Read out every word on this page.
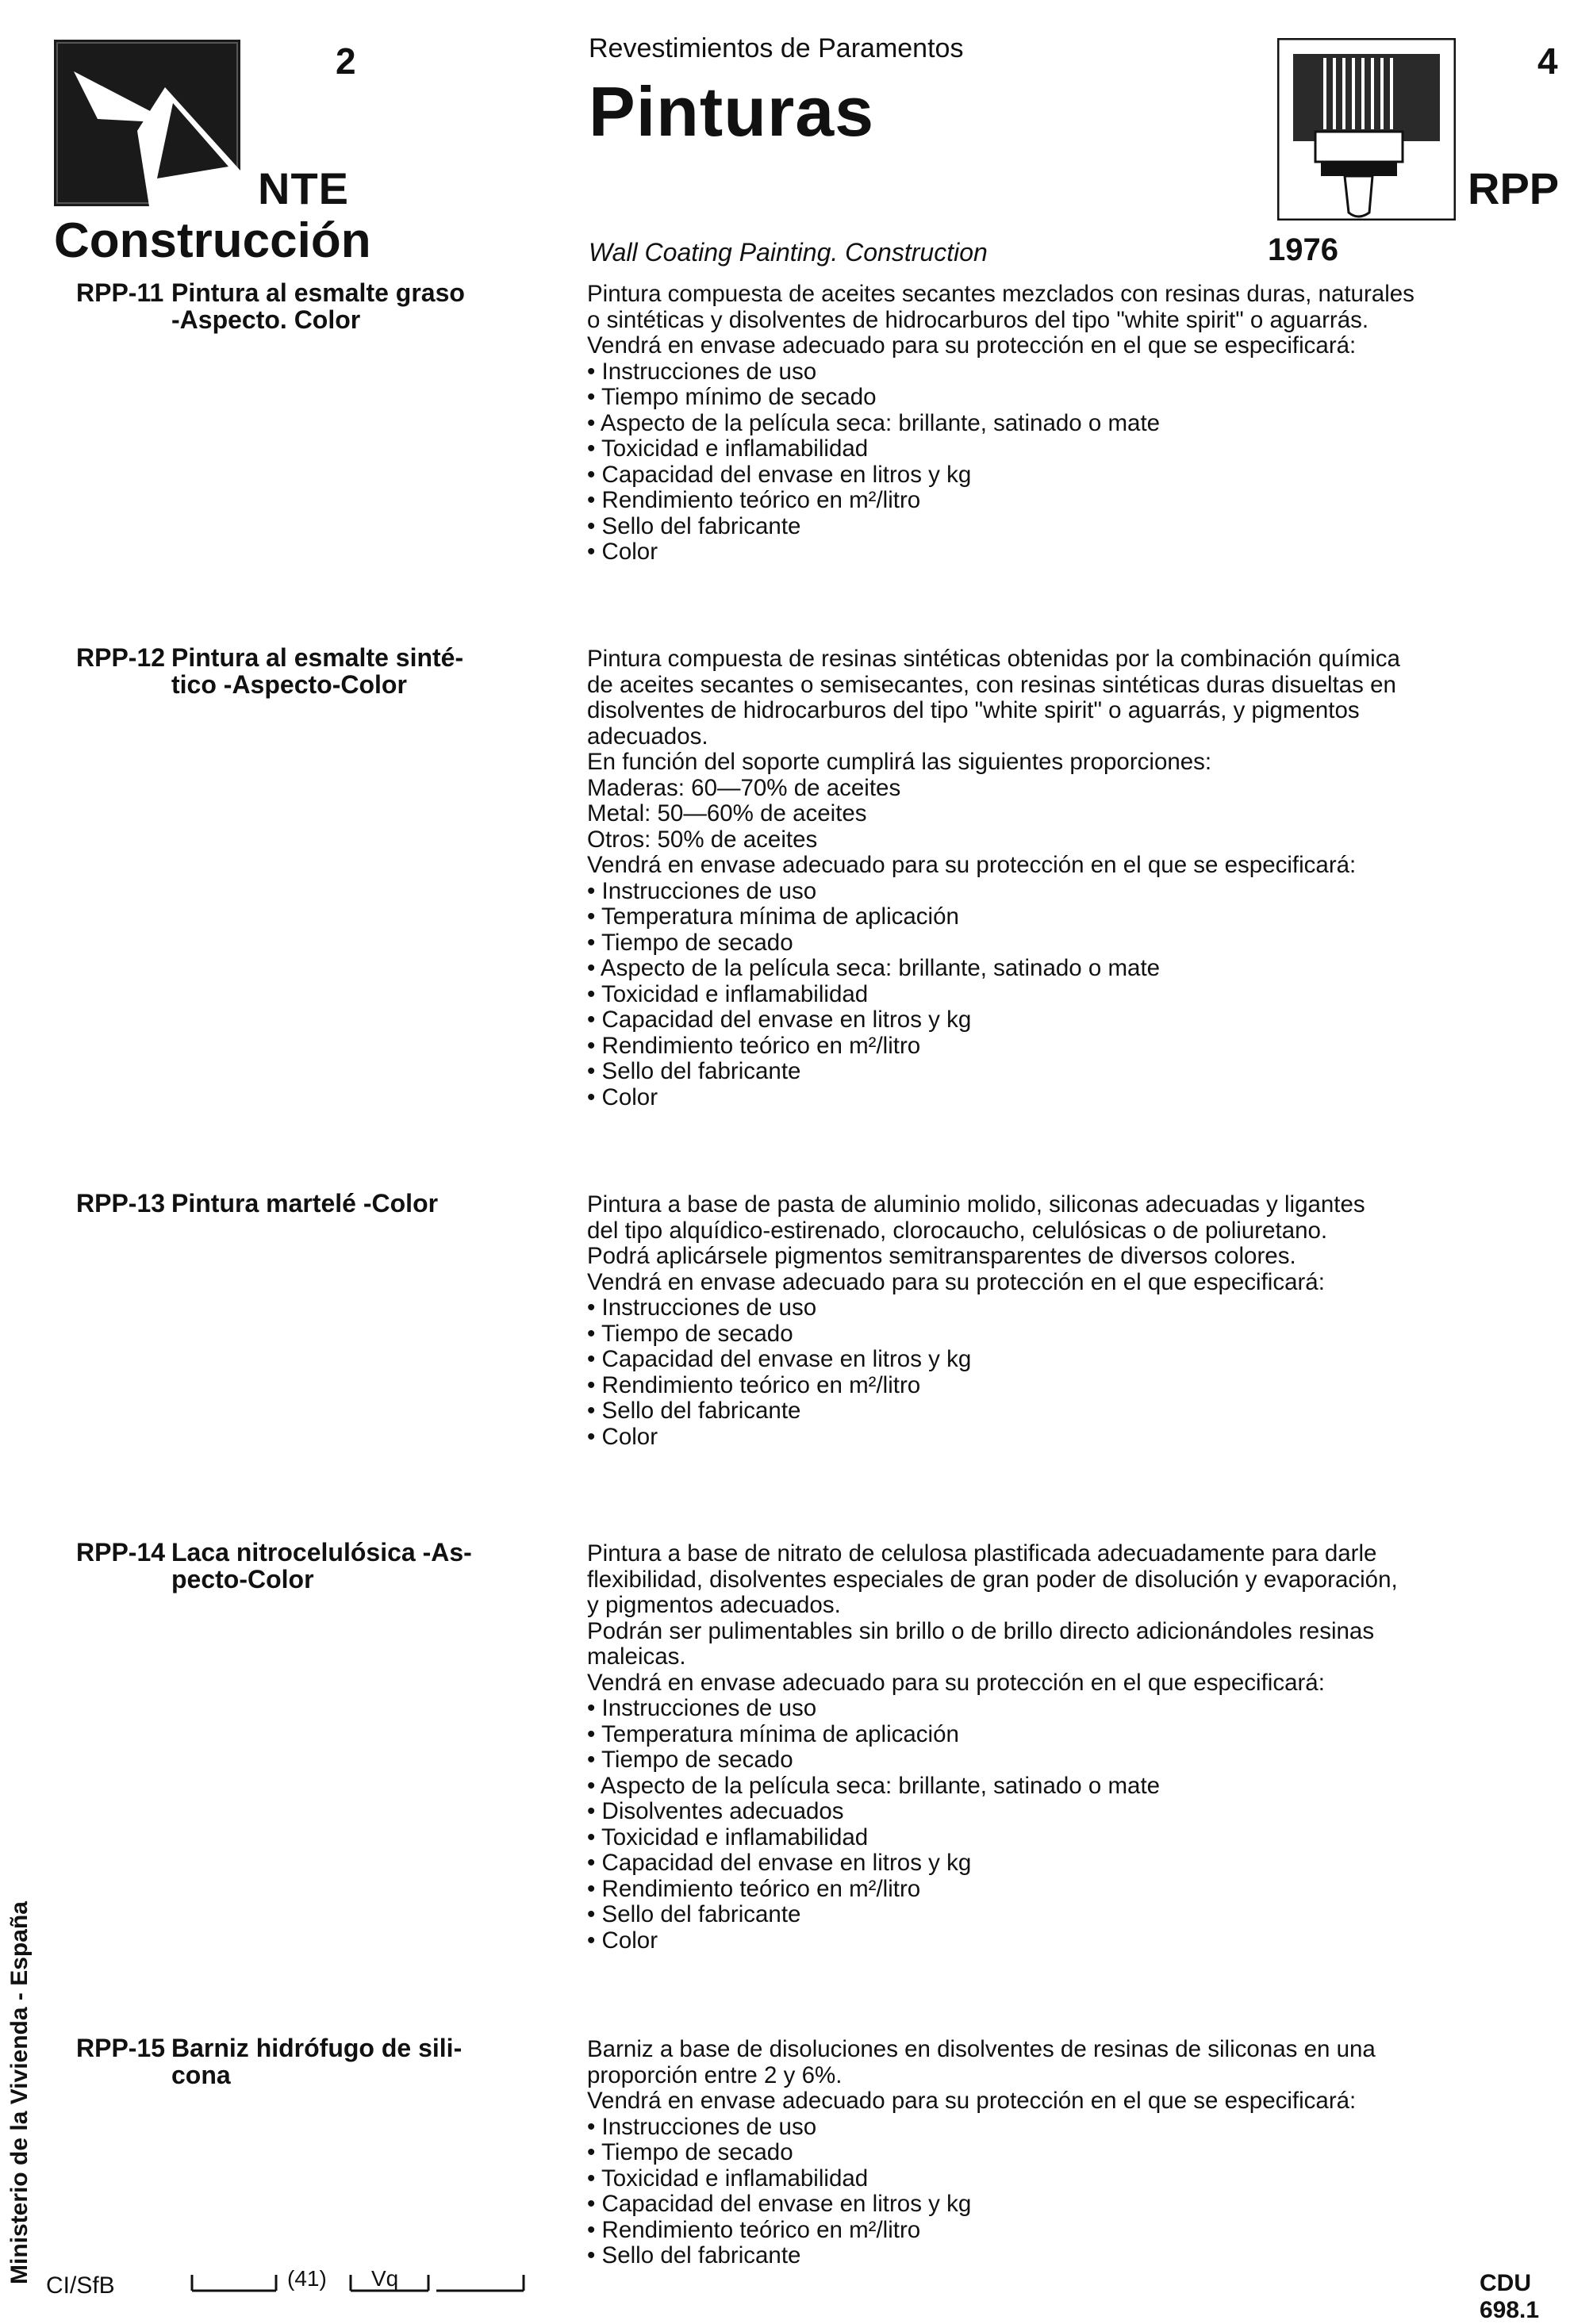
2
NTE
Construcción
Revestimientos de Paramentos
Pinturas
4
RPP
Wall Coating Painting. Construction	1976
RPP-11 Pintura al esmalte graso
-Aspecto. Color
Pintura compuesta de aceites secantes mezclados con resinas duras, naturales
o sintéticas y disolventes de hidrocarburos del tipo "white spirit" o aguarrás.
Vendrá en envase adecuado para su protección en el que se especificará:
• Instrucciones de uso
• Tiempo mínimo de secado
• Aspecto de la película seca: brillante, satinado o mate
• Toxicidad e inflamabilidad
• Capacidad del envase en litros y kg
• Rendimiento teórico en m²/litro
• Sello del fabricante
• Color
RPP-12 Pintura al esmalte sinté-
tico -Aspecto-Color
Pintura compuesta de resinas sintéticas obtenidas por la combinación química
de aceites secantes o semisecantes, con resinas sintéticas duras disueltas en
disolventes de hidrocarburos del tipo "white spirit" o aguarrás, y pigmentos
adecuados.
En función del soporte cumplirá las siguientes proporciones:
Maderas: 60—70% de aceites
Metal: 50—60% de aceites
Otros: 50% de aceites
Vendrá en envase adecuado para su protección en el que se especificará:
• Instrucciones de uso
• Temperatura mínima de aplicación
• Tiempo de secado
• Aspecto de la película seca: brillante, satinado o mate
• Toxicidad e inflamabilidad
• Capacidad del envase en litros y kg
• Rendimiento teórico en m²/litro
• Sello del fabricante
• Color
RPP-13 Pintura martelé -Color	Pintura a base de pasta de aluminio molido, siliconas adecuadas y ligantes
del tipo alquídico-estirenado, clorocaucho, celulósicas o de poliuretano.
Podrá aplicársele pigmentos semitransparentes de diversos colores.
Vendrá en envase adecuado para su protección en el que especificará:
• Instrucciones de uso
• Tiempo de secado
• Capacidad del envase en litros y kg
• Rendimiento teórico en m²/litro
• Sello del fabricante
• Color
RPP-14 Laca nitrocelulósica -As-
pecto-Color
Pintura a base de nitrato de celulosa plastificada adecuadamente para darle
flexibilidad, disolventes especiales de gran poder de disolución y evaporación,
y pigmentos adecuados.
Podrán ser pulimentables sin brillo o de brillo directo adicionándoles resinas
maleicas.
Vendrá en envase adecuado para su protección en el que especificará:
• Instrucciones de uso
• Temperatura mínima de aplicación
• Tiempo de secado
• Aspecto de la película seca: brillante, satinado o mate
• Disolventes adecuados
• Toxicidad e inflamabilidad
• Capacidad del envase en litros y kg
• Rendimiento teórico en m²/litro
• Sello del fabricante
• Color
RPP-15 Barniz hidrófugo de sili-
cona
Barniz a base de disoluciones en disolventes de resinas de siliconas en una
proporción entre 2 y 6%.
Vendrá en envase adecuado para su protección en el que se especificará:
• Instrucciones de uso
• Tiempo de secado
• Toxicidad e inflamabilidad
• Capacidad del envase en litros y kg
• Rendimiento teórico en m²/litro
• Sello del fabricante
Ministerio de la Vivienda - España
CI/SfB	(41) Vq	CDU 698.1
